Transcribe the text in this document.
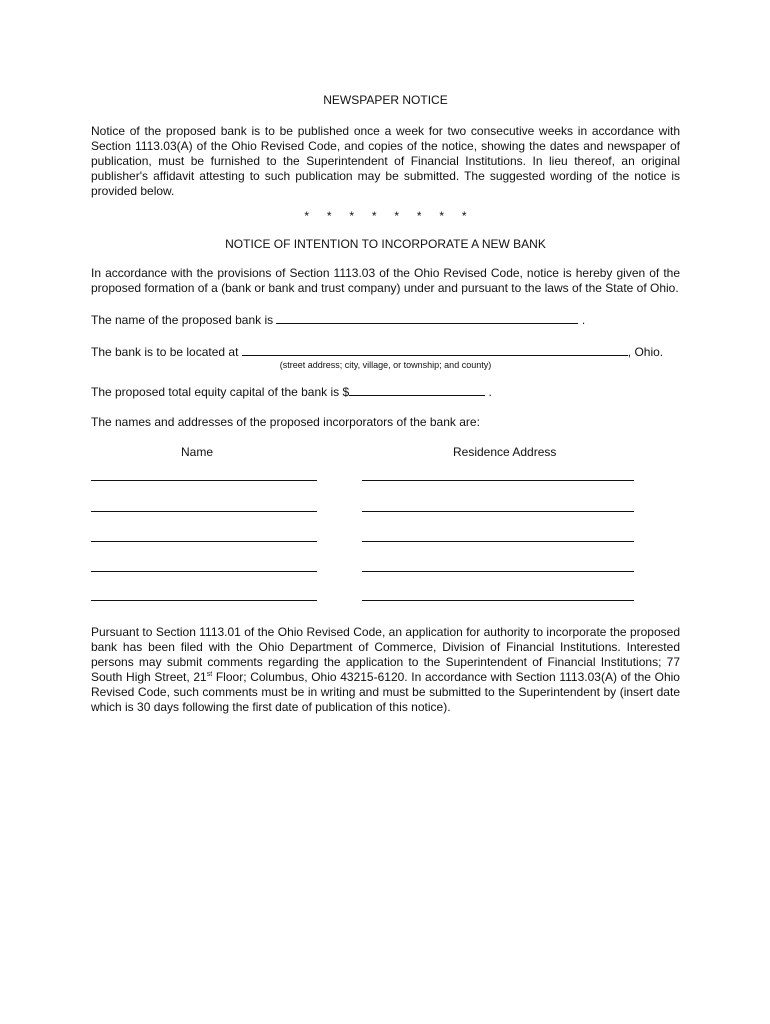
NEWSPAPER NOTICE
Notice of the proposed bank is to be published once a week for two consecutive weeks in accordance with Section 1113.03(A) of the Ohio Revised Code, and copies of the notice, showing the dates and newspaper of publication, must be furnished to the Superintendent of Financial Institutions. In lieu thereof, an original publisher's affidavit attesting to such publication may be submitted. The suggested wording of the notice is provided below.
* * * * * * * *
NOTICE OF INTENTION TO INCORPORATE A NEW BANK
In accordance with the provisions of Section 1113.03 of the Ohio Revised Code, notice is hereby given of the proposed formation of a (bank or bank and trust company) under and pursuant to the laws of the State of Ohio.
The name of the proposed bank is	.
The bank is to be located at	, Ohio.
(street address; city, village, or township; and county)
The proposed total equity capital of the bank is $	.
The names and addresses of the proposed incorporators of the bank are:
Name	Residence Address
Pursuant to Section 1113.01 of the Ohio Revised Code, an application for authority to incorporate the proposed bank has been filed with the Ohio Department of Commerce, Division of Financial Institutions. Interested persons may submit comments regarding the application to the Superintendent of Financial Institutions; 77 South High Street, 21st Floor; Columbus, Ohio 43215-6120. In accordance with Section 1113.03(A) of the Ohio Revised Code, such comments must be in writing and must be submitted to the Superintendent by (insert date which is 30 days following the first date of publication of this notice).
